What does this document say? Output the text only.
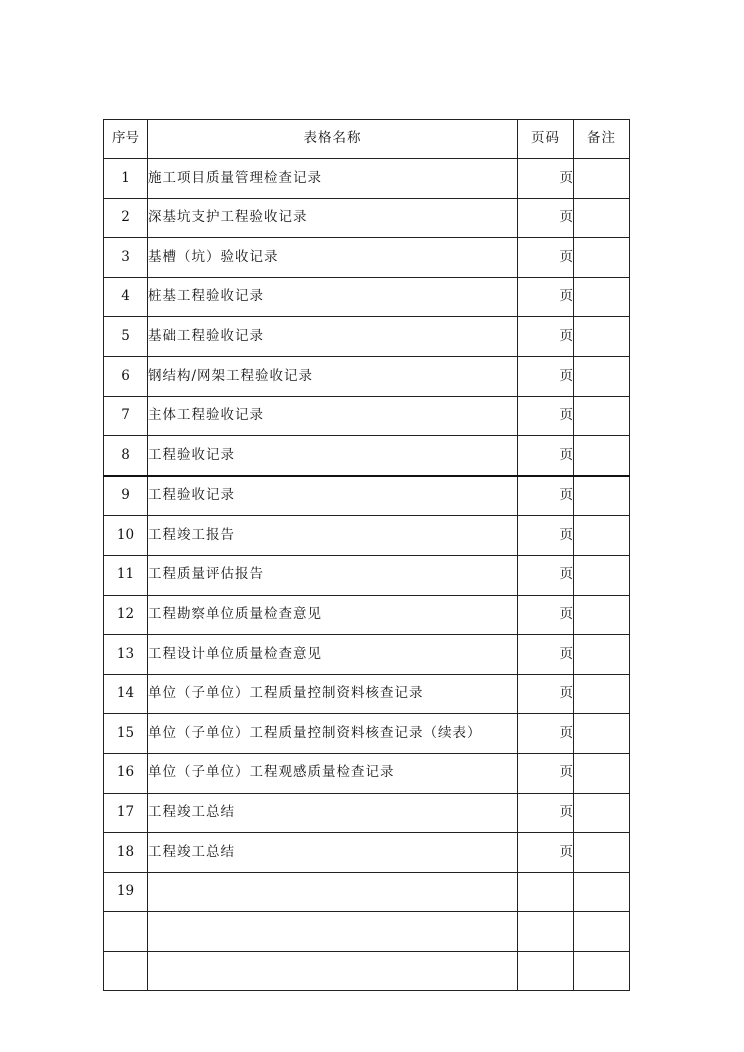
序号	表格名称	页码	备注
1	施工项目质量管理检查记录	页	
2	深基坑支护工程验收记录	页	
3	基槽（坑）验收记录	页	
4	桩基工程验收记录	页	
5	基础工程验收记录	页	
6	钢结构/网架工程验收记录	页	
7	主体工程验收记录	页	
8	工程验收记录	页	
9	工程验收记录	页	
10	工程竣工报告	页	
11	工程质量评估报告	页	
12	工程勘察单位质量检查意见	页	
13	工程设计单位质量检查意见	页	
14	单位（子单位）工程质量控制资料核查记录	页	
15	单位（子单位）工程质量控制资料核查记录（续表）	页	
16	单位（子单位）工程观感质量检查记录	页	
17	工程竣工总结	页	
18	工程竣工总结	页	
19			
